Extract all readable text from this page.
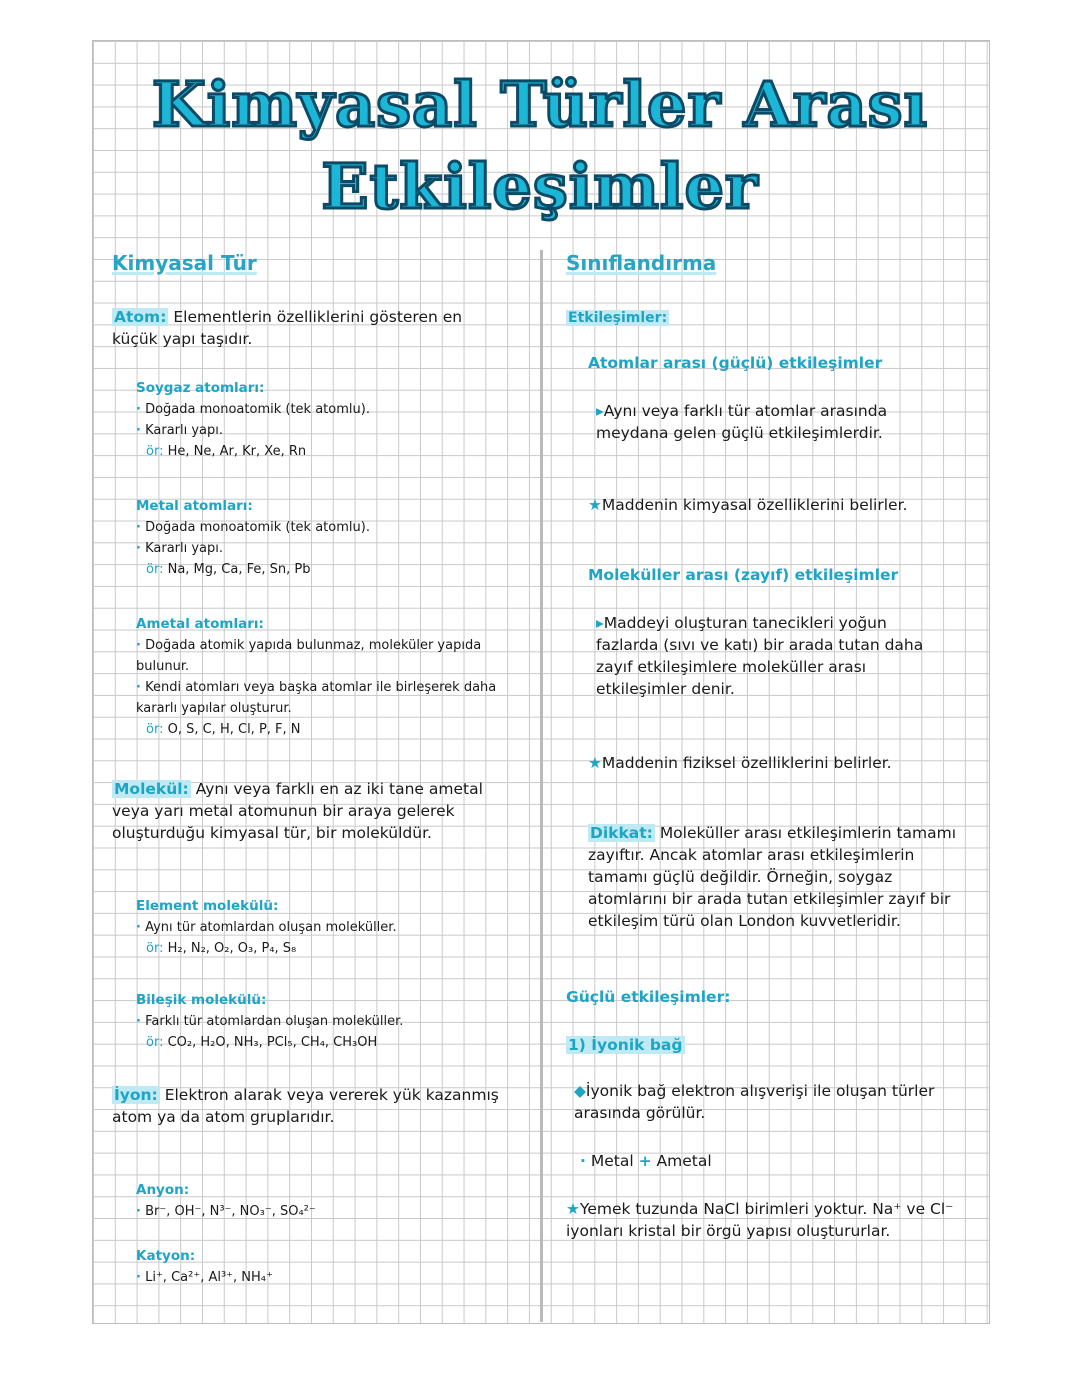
Kimyasal Türler Arası
Etkileşimler
Kimyasal Tür
Atom: Elementlerin özelliklerini gösteren en küçük yapı taşıdır.
Soygaz atomları:
· Doğada monoatomik (tek atomlu).
· Kararlı yapı.
ör: He, Ne, Ar, Kr, Xe, Rn
Metal atomları:
· Doğada monoatomik (tek atomlu).
· Kararlı yapı.
ör: Na, Mg, Ca, Fe, Sn, Pb
Ametal atomları:
· Doğada atomik yapıda bulunmaz, moleküler yapıda bulunur.
· Kendi atomları veya başka atomlar ile birleşerek daha kararlı yapılar oluşturur.
ör: O, S, C, H, Cl, P, F, N
Molekül: Aynı veya farklı en az iki tane ametal veya yarı metal atomunun bir araya gelerek oluşturduğu kimyasal tür, bir moleküldür.
Element molekülü:
· Aynı tür atomlardan oluşan moleküller.
ör: H₂, N₂, O₂, O₃, P₄, S₈
Bileşik molekülü:
· Farklı tür atomlardan oluşan moleküller.
ör: CO₂, H₂O, NH₃, PCl₅, CH₄, CH₃OH
İyon: Elektron alarak veya vererek yük kazanmış atom ya da atom gruplarıdır.
Anyon:
· Br⁻, OH⁻, N³⁻, NO₃⁻, SO₄²⁻
Katyon:
· Li⁺, Ca²⁺, Al³⁺, NH₄⁺
Sınıflandırma
Etkileşimler:
Atomlar arası (güçlü) etkileşimler
▸Aynı veya farklı tür atomlar arasında meydana gelen güçlü etkileşimlerdir.
★Maddenin kimyasal özelliklerini belirler.
Moleküller arası (zayıf) etkileşimler
▸Maddeyi oluşturan tanecikleri yoğun fazlarda (sıvı ve katı) bir arada tutan daha zayıf etkileşimlere moleküller arası etkileşimler denir.
★Maddenin fiziksel özelliklerini belirler.
Dikkat: Moleküller arası etkileşimlerin tamamı zayıftır. Ancak atomlar arası etkileşimlerin tamamı güçlü değildir. Örneğin, soygaz atomlarını bir arada tutan etkileşimler zayıf bir etkileşim türü olan London kuvvetleridir.
Güçlü etkileşimler:
1) İyonik bağ
◆İyonik bağ elektron alışverişi ile oluşan türler arasında görülür.
· Metal + Ametal
★Yemek tuzunda NaCl birimleri yoktur. Na⁺ ve Cl⁻ iyonları kristal bir örgü yapısı oluştururlar.
